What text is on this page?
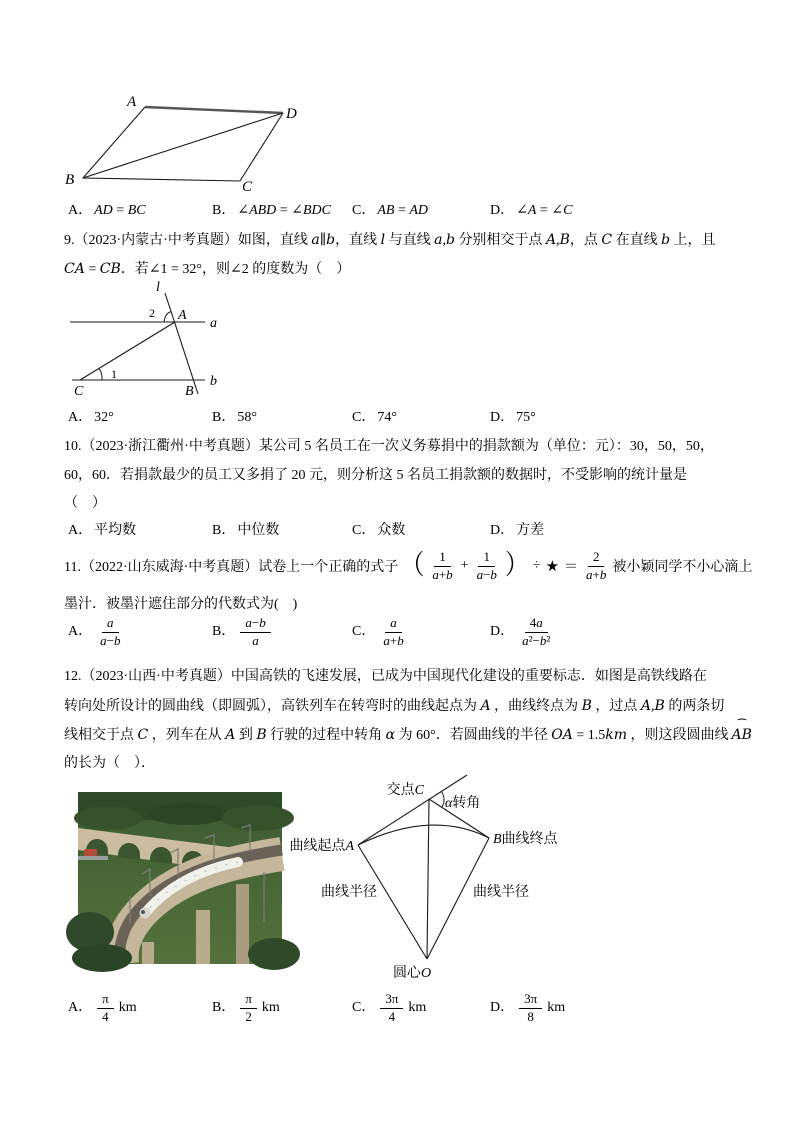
A
D
B	C
A． AD = BC	B． ∠ABD = ∠BDC C． AB = AD	D． ∠A = ∠C
9.（2023·内蒙古·中考真题）如图，直线 a∥b，直线 l 与直线 a,b 分别相交于点 A,B，点 C 在直线 b 上，且
CA = CB．若∠1 = 32°，则∠2 的度数为（　）
l
a
b
A
B
C
2
1
A． 32°	B． 58°	C． 74°	D． 75°
10.（2023·浙江衢州·中考真题）某公司 5 名员工在一次义务募捐中的捐款额为（单位：元）：30，50，50，
60，60．若捐款最少的员工又多捐了 20 元，则分析这 5 名员工捐款额的数据时，不受影响的统计量是
（　）
A． 平均数	B． 中位数	C． 众数	D． 方差
11.（2022·山东威海·中考真题）试卷上一个正确的式子 （ $\frac{1}{a+b} + \frac{1}{a-b}$ ） ÷ ★ ＝ $\frac{2}{a+b}$ 被小颖同学不小心滴上
墨汁．被墨汁遮住部分的代数式为(　)
A． $\frac{a}{a-b}$	B． $\frac{a-b}{a}$	C． $\frac{a}{a+b}$	D． $\frac{4a}{\text{a²−b²}}$
12.（2023·山西·中考真题）中国高铁的飞速发展，已成为中国现代化建设的重要标志．如图是高铁线路在
转向处所设计的圆曲线（即圆弧），高铁列车在转弯时的曲线起点为 A ，曲线终点为 B ，过点 A,B 的两条切
线相交于点 C ，列车在从 A 到 B 行驶的过程中转角 α 为 60°．若圆曲线的半径 OA = 1.5km ，则这段圆曲线
⌢
AB
的长为（　）．
交点C
α转角
曲线起点A	B曲线终点
曲线半径	曲线半径
圆心O
A． $\frac{\pi}{4}$ km	B． $\frac{\pi}{2}$ km	C． $\frac{3\pi}{4}$ km	D． $\frac{3\pi}{8}$ km
